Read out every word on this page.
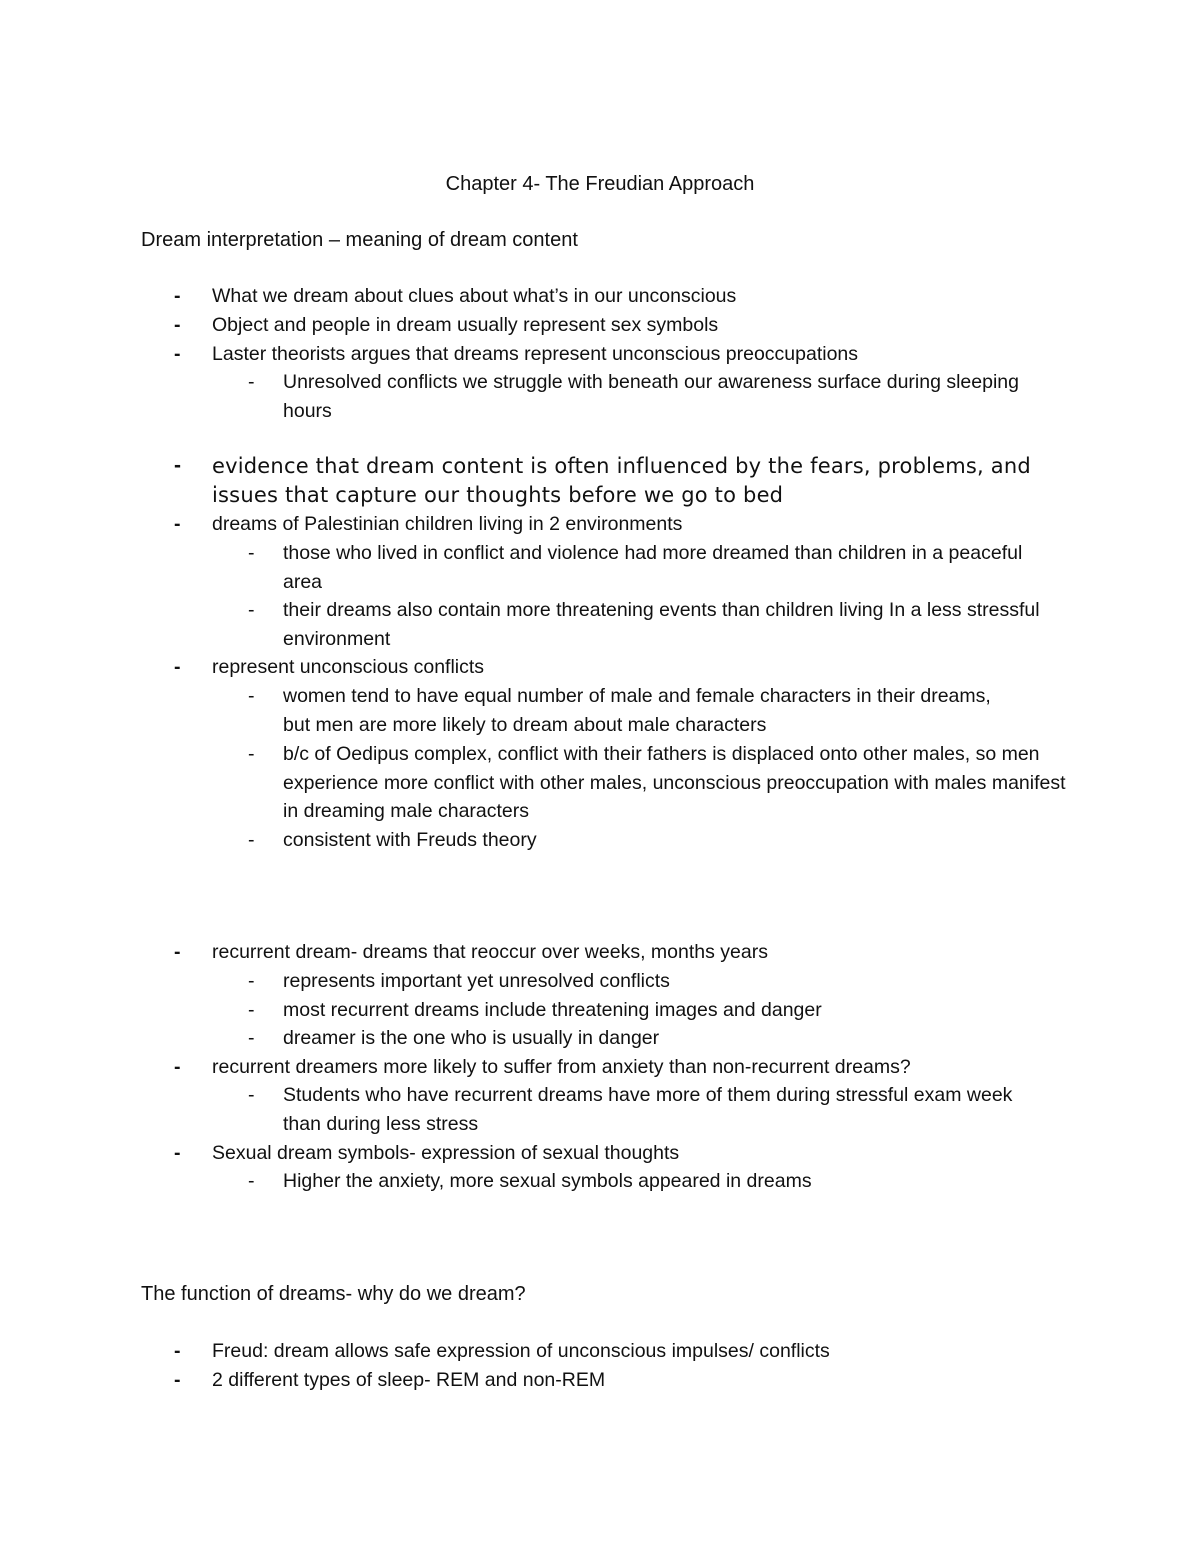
Chapter 4- The Freudian Approach
Dream interpretation – meaning of dream content
- What we dream about clues about what’s in our unconscious
- Object and people in dream usually represent sex symbols
- Laster theorists argues that dreams represent unconscious preoccupations
- Unresolved conflicts we struggle with beneath our awareness surface during sleeping hours
- evidence that dream content is often influenced by the fears, problems, and issues that capture our thoughts before we go to bed
- dreams of Palestinian children living in 2 environments
- those who lived in conflict and violence had more dreamed than children in a peaceful area
- their dreams also contain more threatening events than children living In a less stressful environment
- represent unconscious conflicts
- women tend to have equal number of male and female characters in their dreams, but men are more likely to dream about male characters
- b/c of Oedipus complex, conflict with their fathers is displaced onto other males, so men experience more conflict with other males, unconscious preoccupation with males manifest in dreaming male characters
- consistent with Freuds theory
- recurrent dream- dreams that reoccur over weeks, months years
- represents important yet unresolved conflicts
- most recurrent dreams include threatening images and danger
- dreamer is the one who is usually in danger
- recurrent dreamers more likely to suffer from anxiety than non-recurrent dreams?
- Students who have recurrent dreams have more of them during stressful exam week than during less stress
- Sexual dream symbols- expression of sexual thoughts
- Higher the anxiety, more sexual symbols appeared in dreams
The function of dreams- why do we dream?
- Freud: dream allows safe expression of unconscious impulses/ conflicts
- 2 different types of sleep- REM and non-REM
